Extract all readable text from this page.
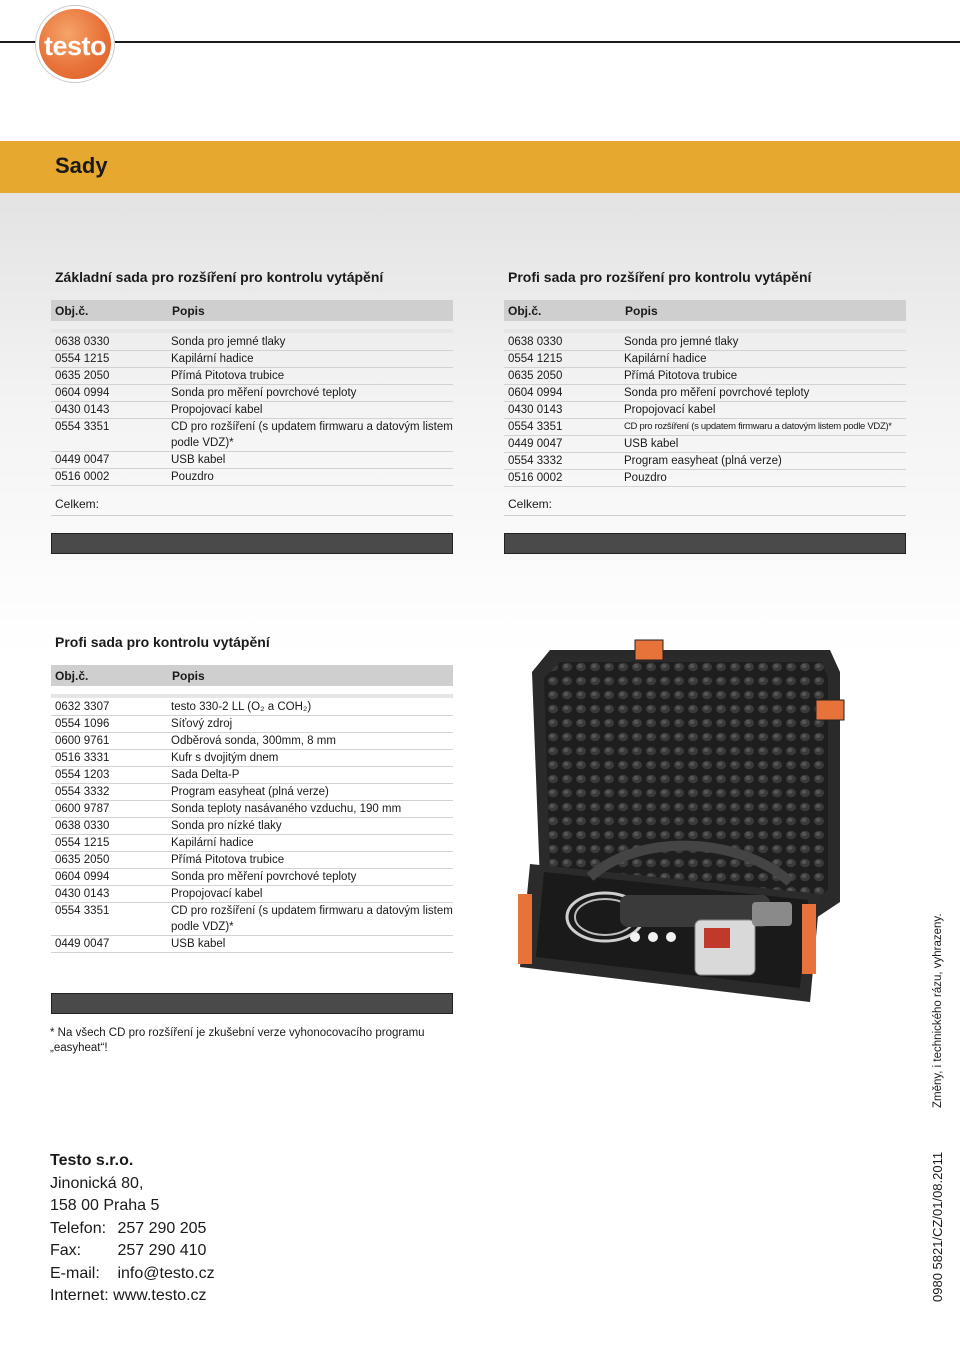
testo
Sady
Základní sada pro rozšíření pro kontrolu vytápění
Obj.č.	Popis
0638 0330	Sonda pro jemné tlaky
0554 1215	Kapilární hadice
0635 2050	Přímá Pitotova trubice
0604 0994	Sonda pro měření povrchové teploty
0430 0143	Propojovací kabel
0554 3351	CD pro rozšíření (s updatem firmwaru a datovým listem podle VDZ)*
0449 0047	USB kabel
0516 0002	Pouzdro
Celkem:
Profi sada pro rozšíření pro kontrolu vytápění
Obj.č.	Popis
0638 0330	Sonda pro jemné tlaky
0554 1215	Kapilární hadice
0635 2050	Přímá Pitotova trubice
0604 0994	Sonda pro měření povrchové teploty
0430 0143	Propojovací kabel
0554 3351	CD pro rozšíření (s updatem firmwaru a datovým listem podle VDZ)*
0449 0047	USB kabel
0554 3332	Program easyheat (plná verze)
0516 0002	Pouzdro
Celkem:
Profi sada pro kontrolu vytápění
Obj.č.	Popis
0632 3307	testo 330-2 LL (O₂ a COH₂)
0554 1096	Síťový zdroj
0600 9761	Odběrová sonda, 300mm, 8 mm
0516 3331	Kufr s dvojitým dnem
0554 1203	Sada Delta-P
0554 3332	Program easyheat (plná verze)
0600 9787	Sonda teploty nasávaného vzduchu, 190 mm
0638 0330	Sonda pro nízké tlaky
0554 1215	Kapilární hadice
0635 2050	Přímá Pitotova trubice
0604 0994	Sonda pro měření povrchové teploty
0430 0143	Propojovací kabel
0554 3351	CD pro rozšíření (s updatem firmwaru a datovým listem podle VDZ)*
0449 0047	USB kabel
* Na všech CD pro rozšíření je zkušební verze vyhonocovacího programu „easyheat“!
Testo s.r.o.
Jinonická 80,
158 00 Praha 5
Telefon: 257 290 205
Fax: 257 290 410
E-mail: info@testo.cz
Internet: www.testo.cz
Změny, i technického rázu, vyhrazeny.
0980 5821/CZ/01/08.2011
